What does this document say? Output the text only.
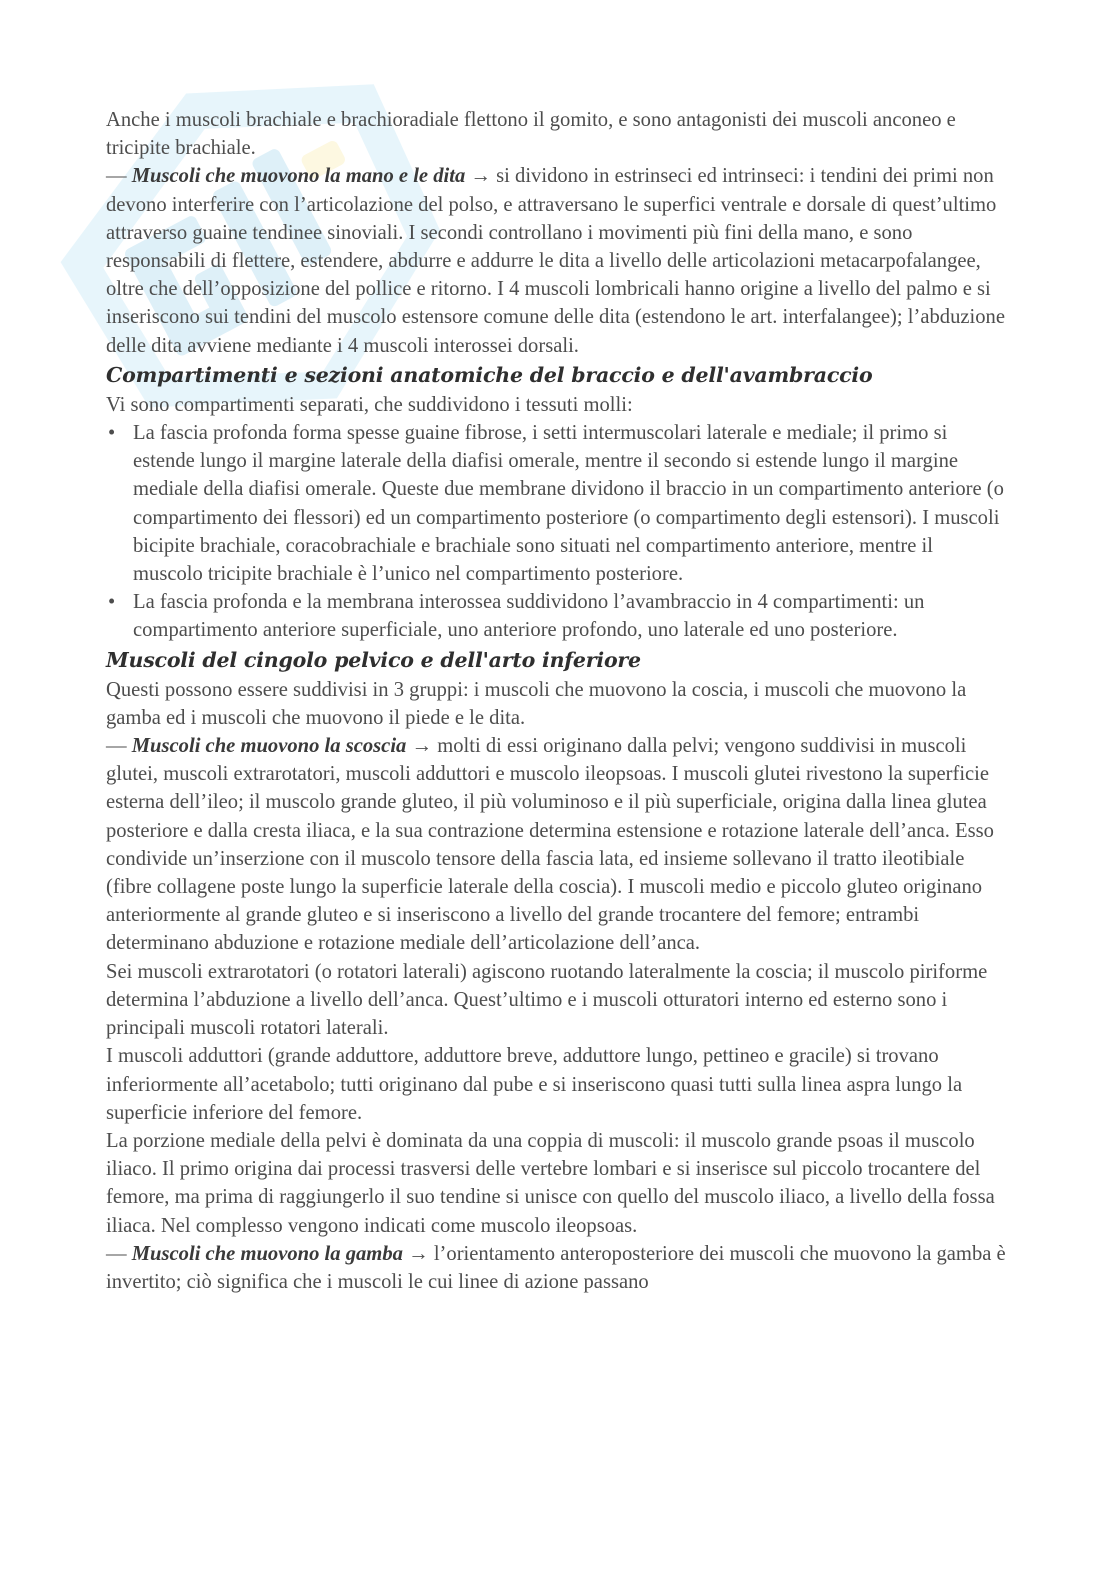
Anche i muscoli brachiale e brachioradiale flettono il gomito, e sono antagonisti dei muscoli anconeo e tricipite brachiale.

— Muscoli che muovono la mano e le dita → si dividono in estrinseci ed intrinseci: i tendini dei primi non devono interferire con l’articolazione del polso, e attraversano le superfici ventrale e dorsale di quest’ultimo attraverso guaine tendinee sinoviali. I secondi controllano i movimenti più fini della mano, e sono responsabili di flettere, estendere, abdurre e addurre le dita a livello delle articolazioni metacarpofalangee, oltre che dell’opposizione del pollice e ritorno. I 4 muscoli lombricali hanno origine a livello del palmo e si inseriscono sui tendini del muscolo estensore comune delle dita (estendono le art. interfalangee); l’abduzione delle dita avviene mediante i 4 muscoli interossei dorsali.

Compartimenti e sezioni anatomiche del braccio e dell'avambraccio

Vi sono compartimenti separati, che suddividono i tessuti molli:

• La fascia profonda forma spesse guaine fibrose, i setti intermuscolari laterale e mediale; il primo si estende lungo il margine laterale della diafisi omerale, mentre il secondo si estende lungo il margine mediale della diafisi omerale. Queste due membrane dividono il braccio in un compartimento anteriore (o compartimento dei flessori) ed un compartimento posteriore (o compartimento degli estensori). I muscoli bicipite brachiale, coracobrachiale e brachiale sono situati nel compartimento anteriore, mentre il muscolo tricipite brachiale è l’unico nel compartimento posteriore.
• La fascia profonda e la membrana interossea suddividono l’avambraccio in 4 compartimenti: un compartimento anteriore superficiale, uno anteriore profondo, uno laterale ed uno posteriore.
Muscoli del cingolo pelvico e dell'arto inferiore

Questi possono essere suddivisi in 3 gruppi: i muscoli che muovono la coscia, i muscoli che muovono la gamba ed i muscoli che muovono il piede e le dita.

— Muscoli che muovono la scoscia → molti di essi originano dalla pelvi; vengono suddivisi in muscoli glutei, muscoli extrarotatori, muscoli adduttori e muscolo ileopsoas. I muscoli glutei rivestono la superficie esterna dell’ileo; il muscolo grande gluteo, il più voluminoso e il più superficiale, origina dalla linea glutea posteriore e dalla cresta iliaca, e la sua contrazione determina estensione e rotazione laterale dell’anca. Esso condivide un’inserzione con il muscolo tensore della fascia lata, ed insieme sollevano il tratto ileotibiale (fibre collagene poste lungo la superficie laterale della coscia). I muscoli medio e piccolo gluteo originano anteriormente al grande gluteo e si inseriscono a livello del grande trocantere del femore; entrambi determinano abduzione e rotazione mediale dell’articolazione dell’anca.

Sei muscoli extrarotatori (o rotatori laterali) agiscono ruotando lateralmente la coscia; il muscolo piriforme determina l’abduzione a livello dell’anca. Quest’ultimo e i muscoli otturatori interno ed esterno sono i principali muscoli rotatori laterali.

I muscoli adduttori (grande adduttore, adduttore breve, adduttore lungo, pettineo e gracile) si trovano inferiormente all’acetabolo; tutti originano dal pube e si inseriscono quasi tutti sulla linea aspra lungo la superficie inferiore del femore.

La porzione mediale della pelvi è dominata da una coppia di muscoli: il muscolo grande psoas il muscolo iliaco. Il primo origina dai processi trasversi delle vertebre lombari e si inserisce sul piccolo trocantere del femore, ma prima di raggiungerlo il suo tendine si unisce con quello del muscolo iliaco, a livello della fossa iliaca. Nel complesso vengono indicati come muscolo ileopsoas.

— Muscoli che muovono la gamba → l’orientamento anteroposteriore dei muscoli che muovono la gamba è invertito; ciò significa che i muscoli le cui linee di azione passano
